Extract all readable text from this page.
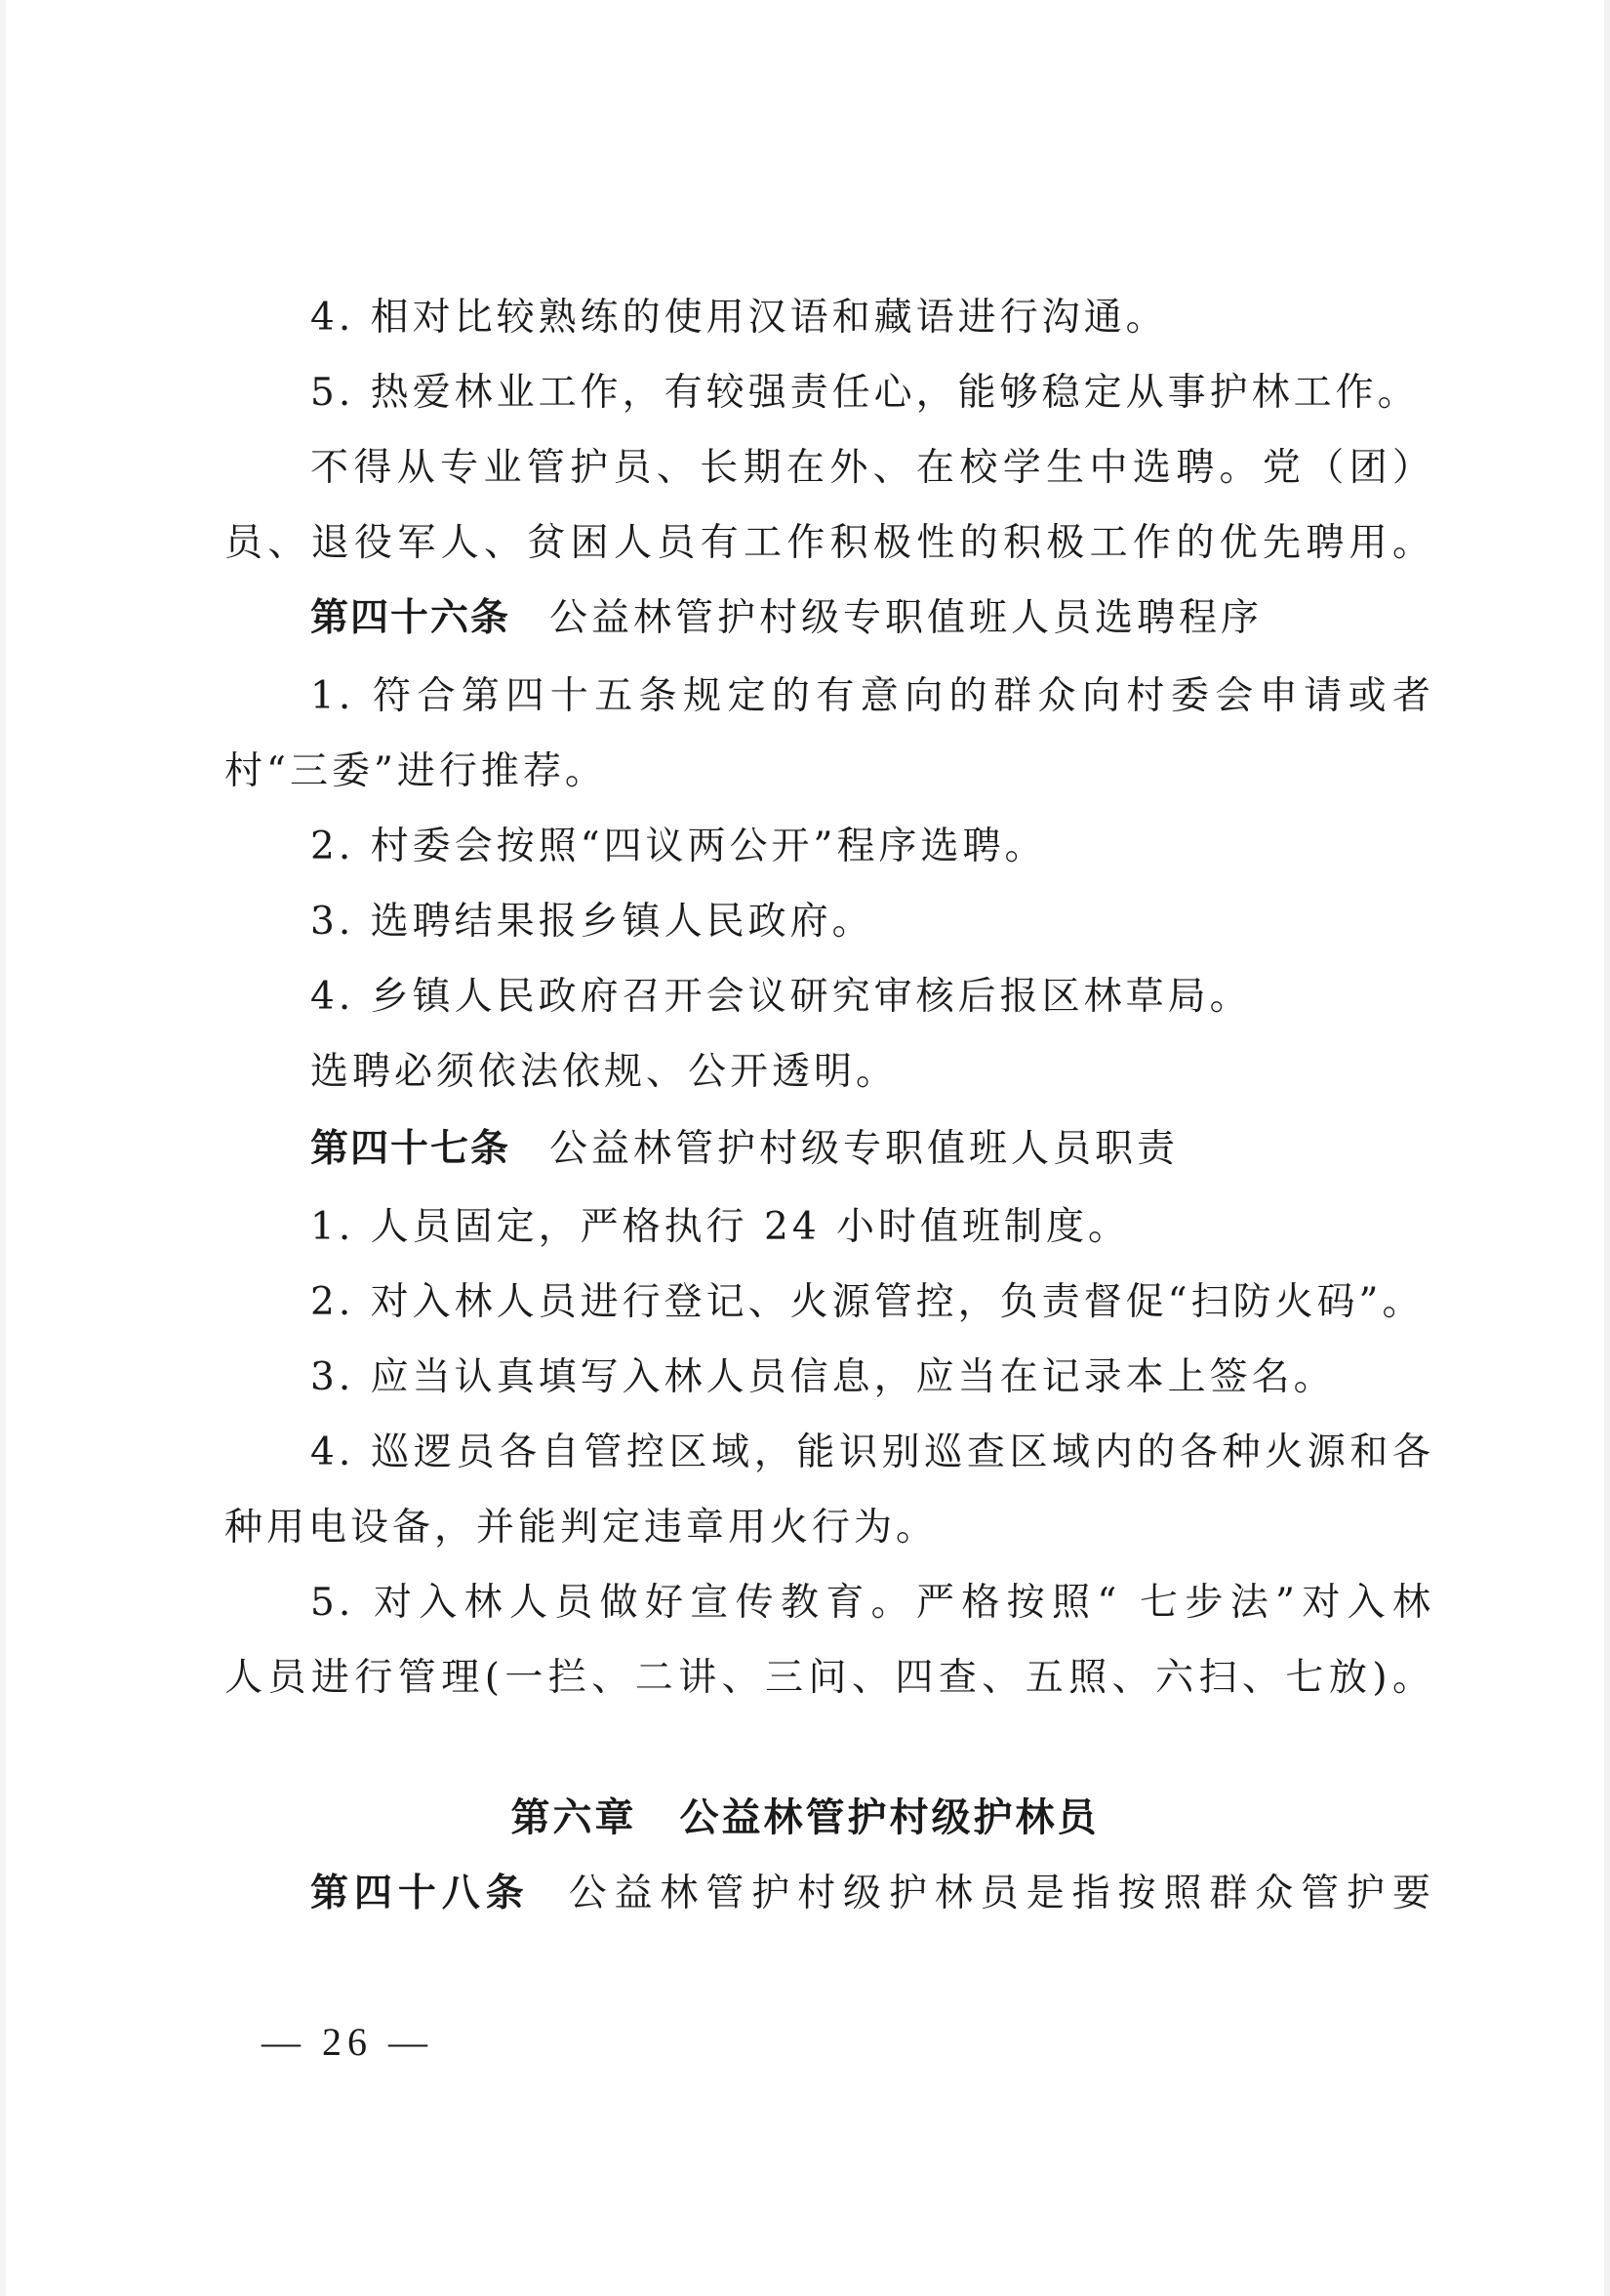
4. 相对比较熟练的使用汉语和藏语进行沟通。
5. 热爱林业工作，有较强责任心，能够稳定从事护林工作。
不得从专业管护员、长期在外、在校学生中选聘。党（团）
员、退役军人、贫困人员有工作积极性的积极工作的优先聘用。
第四十六条 公益林管护村级专职值班人员选聘程序
1. 符合第四十五条规定的有意向的群众向村委会申请或者
村“三委”进行推荐。
2. 村委会按照“四议两公开”程序选聘。
3. 选聘结果报乡镇人民政府。
4. 乡镇人民政府召开会议研究审核后报区林草局。
选聘必须依法依规、公开透明。
第四十七条 公益林管护村级专职值班人员职责
1. 人员固定，严格执行 24 小时值班制度。
2. 对入林人员进行登记、火源管控，负责督促“扫防火码”。
3. 应当认真填写入林人员信息，应当在记录本上签名。
4. 巡逻员各自管控区域，能识别巡查区域内的各种火源和各
种用电设备，并能判定违章用火行为。
5. 对入林人员做好宣传教育。严格按照“ 七步法”对入林
人员进行管理(一拦、二讲、三问、四查、五照、六扫、七放)。
第六章 公益林管护村级护林员
第四十八条 公益林管护村级护林员是指按照群众管护要
— 26 —
